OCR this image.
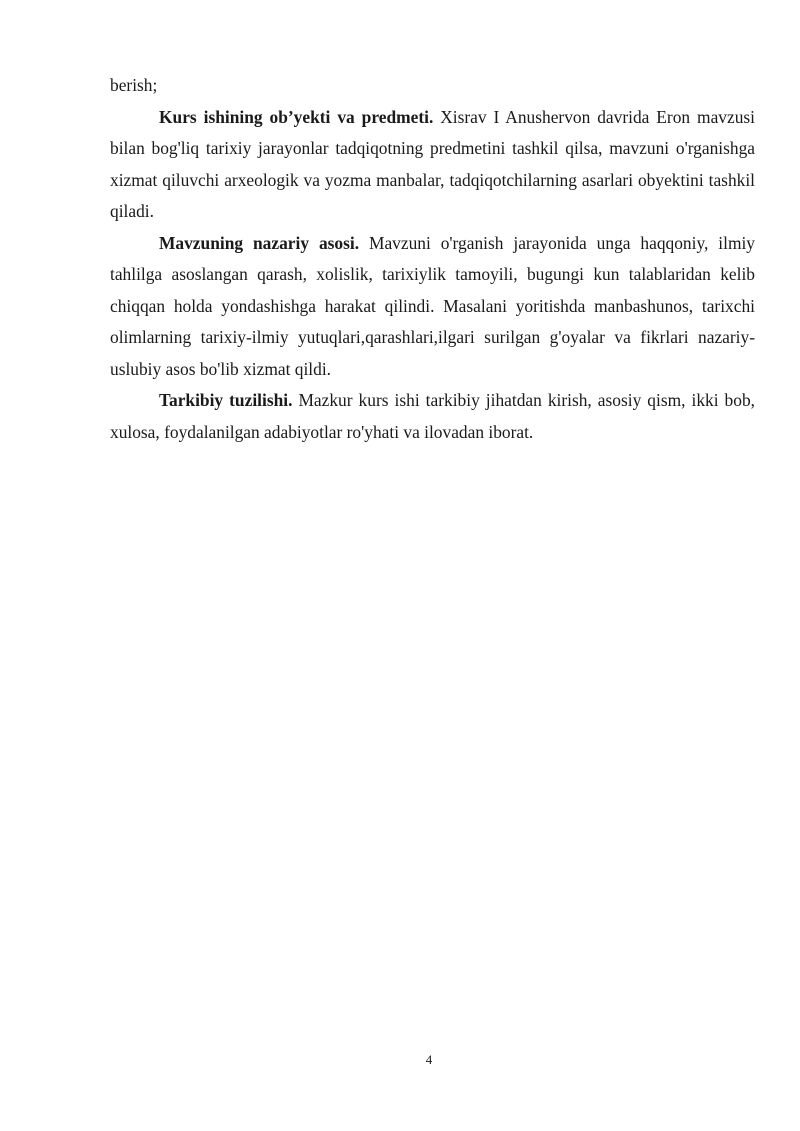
berish;

Kurs ishining ob’yekti va predmeti. Xisrav I Anushervon davrida Eron mavzusi bilan bog'liq tarixiy jarayonlar tadqiqotning predmetini tashkil qilsa, mavzuni o'rganishga xizmat qiluvchi arxeologik va yozma manbalar, tadqiqotchilarning asarlari obyektini tashkil qiladi.

Mavzuning nazariy asosi. Mavzuni o'rganish jarayonida unga haqqoniy, ilmiy tahlilga asoslangan qarash, xolislik, tarixiylik tamoyili, bugungi kun talablaridan kelib chiqqan holda yondashishga harakat qilindi. Masalani yoritishda manbashunos, tarixchi olimlarning tarixiy-ilmiy yutuqlari,qarashlari,ilgari surilgan g'oyalar va fikrlari nazariy- uslubiy asos bo'lib xizmat qildi.

Tarkibiy tuzilishi. Mazkur kurs ishi tarkibiy jihatdan kirish, asosiy qism, ikki bob, xulosa, foydalanilgan adabiyotlar ro'yhati va ilovadan iborat.

4
